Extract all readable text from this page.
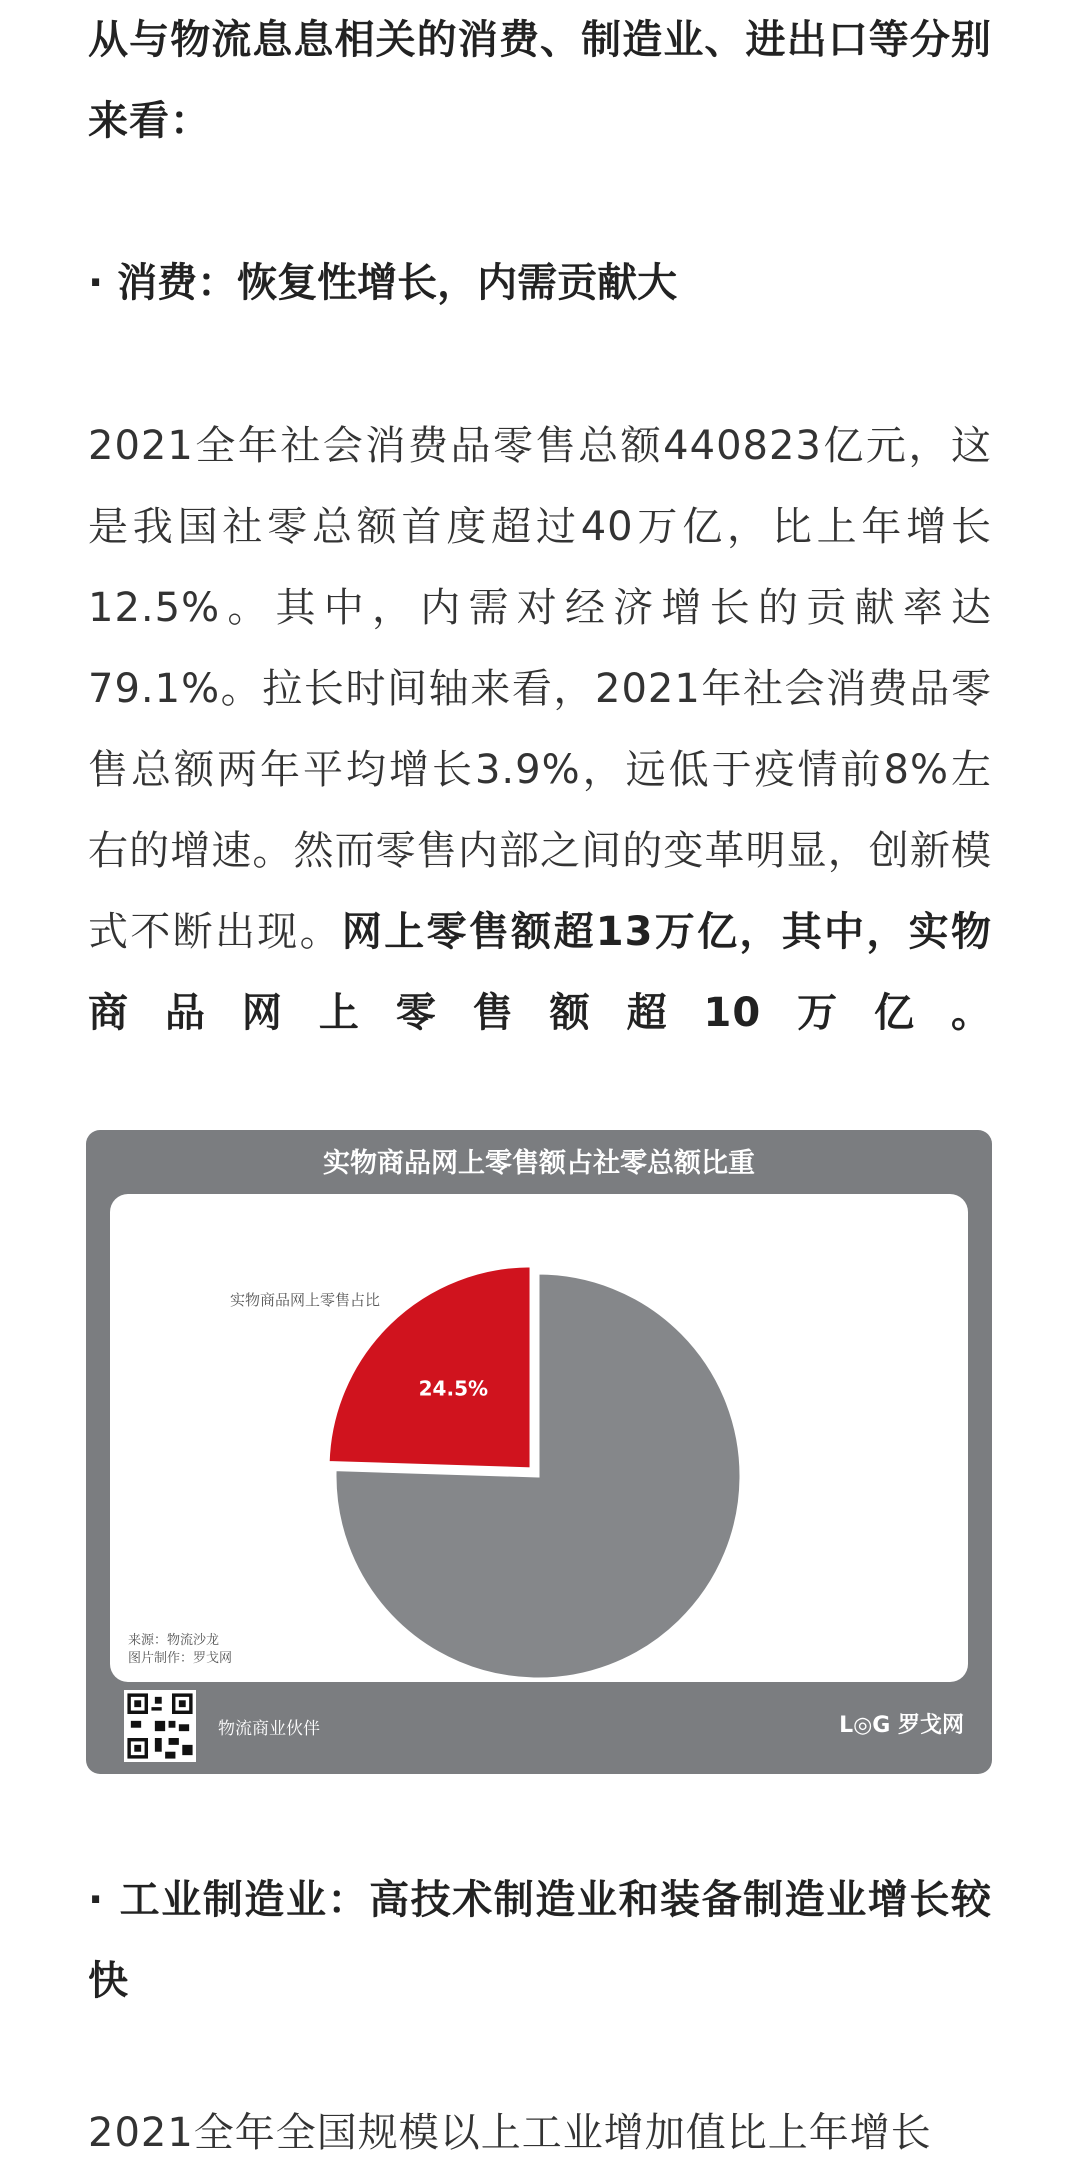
从与物流息息相关的消费、制造业、进出口等分别来看：

· 消费：恢复性增长，内需贡献大

2021全年社会消费品零售总额440823亿元，这是我国社零总额首度超过40万亿，比上年增长12.5%。其中，内需对经济增长的贡献率达79.1%。拉长时间轴来看，2021年社会消费品零售总额两年平均增长3.9%，远低于疫情前8%左右的增速。然而零售内部之间的变革明显，创新模式不断出现。网上零售额超13万亿，其中，实物商品网上零售额超10万亿。

实物商品网上零售额占社零总额比重
24.5%
实物商品网上零售占比
来源：物流沙龙
图片制作：罗戈网
物流商业伙伴	L◎G 罗戈网

· 工业制造业：高技术制造业和装备制造业增长较快

2021全年全国规模以上工业增加值比上年增长
